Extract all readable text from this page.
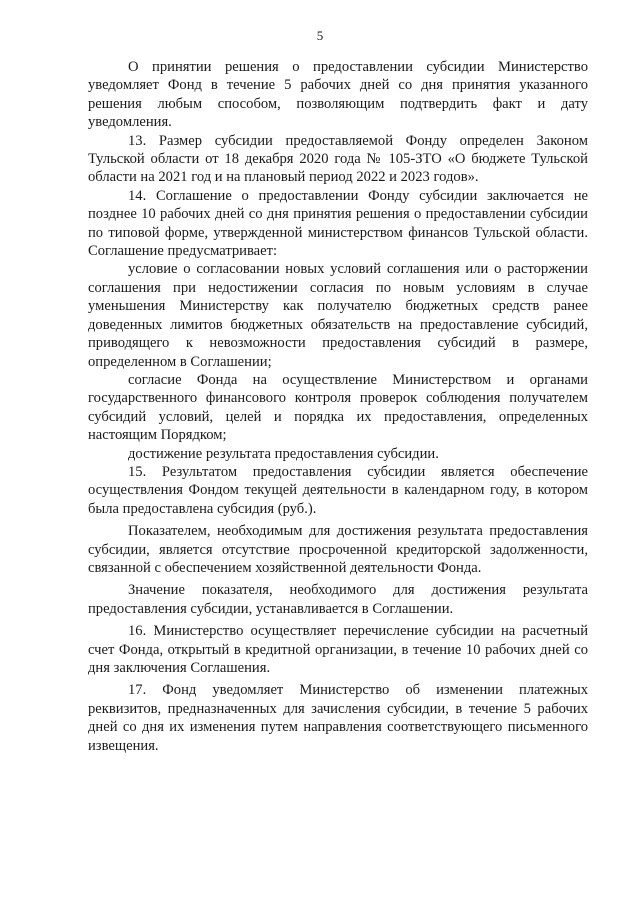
5

О принятии решения о предоставлении субсидии Министерство уведомляет Фонд в течение 5 рабочих дней со дня принятия указанного решения любым способом, позволяющим подтвердить факт и дату уведомления.

13. Размер субсидии предоставляемой Фонду определен Законом Тульской области от 18 декабря 2020 года № 105-ЗТО «О бюджете Тульской области на 2021 год и на плановый период 2022 и 2023 годов».

14. Соглашение о предоставлении Фонду субсидии заключается не позднее 10 рабочих дней со дня принятия решения о предоставлении субсидии по типовой форме, утвержденной министерством финансов Тульской области. Соглашение предусматривает:

условие о согласовании новых условий соглашения или о расторжении соглашения при недостижении согласия по новым условиям в случае уменьшения Министерству как получателю бюджетных средств ранее доведенных лимитов бюджетных обязательств на предоставление субсидий, приводящего к невозможности предоставления субсидий в размере, определенном в Соглашении;

согласие Фонда на осуществление Министерством и органами государственного финансового контроля проверок соблюдения получателем субсидий условий, целей и порядка их предоставления, определенных настоящим Порядком;

достижение результата предоставления субсидии.

15. Результатом предоставления субсидии является обеспечение осуществления Фондом текущей деятельности в календарном году, в котором была предоставлена субсидия (руб.).

Показателем, необходимым для достижения результата предоставления субсидии, является отсутствие просроченной кредиторской задолженности, связанной с обеспечением хозяйственной деятельности Фонда.

Значение показателя, необходимого для достижения результата предоставления субсидии, устанавливается в Соглашении.

16. Министерство осуществляет перечисление субсидии на расчетный счет Фонда, открытый в кредитной организации, в течение 10 рабочих дней со дня заключения Соглашения.

17. Фонд уведомляет Министерство об изменении платежных реквизитов, предназначенных для зачисления субсидии, в течение 5 рабочих дней со дня их изменения путем направления соответствующего письменного извещения.
